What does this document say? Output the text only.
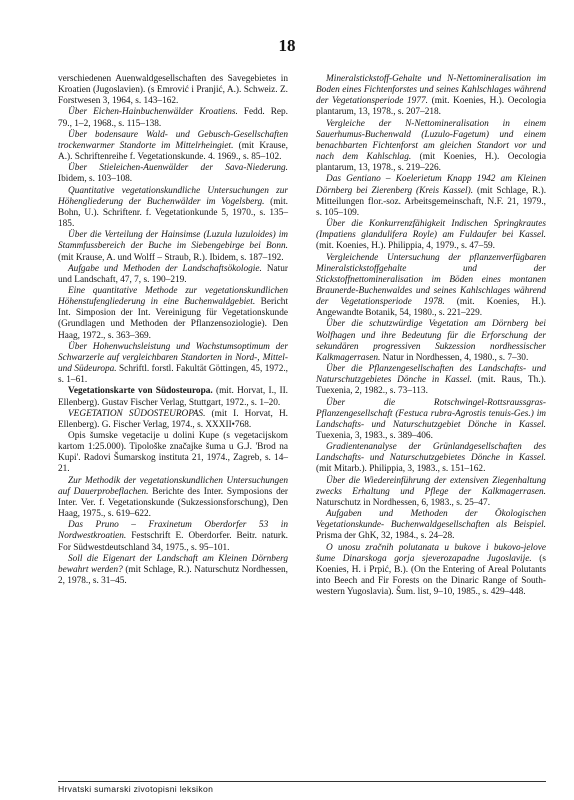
18

verschiedenen Auenwaldgesellschaften des Savegebietes in Kroatien (Jugoslavien). (s Emrović i Pranjić, A.). Schweiz. Z. Forstwesen 3, 1964, s. 143–162.

Über Eichen-Hainbuchenwälder Kroatiens. Fedd. Rep. 79., 1–2, 1968., s. 115–138.

Über bodensaure Wald- und Gebusch-Gesellschaften trockenwarmer Standorte im Mittelrheingiet. (mit Krause, A.). Schriftenreihe f. Vegetationskunde. 4. 1969., s. 85–102.

Über Stieleichen-Auenwälder der Sava-Niederung. Ibidem, s. 103–108.

Quantitative vegetationskundliche Untersuchungen zur Höhengliederung der Buchenwälder im Vogelsberg. (mit. Bohn, U.). Schriftenr. f. Vegetationkunde 5, 1970., s. 135–185.

Über die Verteilung der Hainsimse (Luzula luzuloides) im Stammfussbereich der Buche im Siebengebirge bei Bonn. (mit Krause, A. und Wolff – Straub, R.). Ibidem, s. 187–192.

Aufgabe und Methoden der Landschaftsökologie. Natur und Landschaft, 47, 7, s. 190–219.

Eine quantitative Methode zur vegetationskundlichen Höhenstufengliederung in eine Buchenwaldgebiet. Bericht Int. Simposion der Int. Vereinigung für Vegetationskunde (Grundlagen und Methoden der Pflanzensoziologie). Den Haag, 1972., s. 363–369.

Über Hohenwuchsleistung und Wachstumsoptimum der Schwarzerle auf vergleichbaren Standorten in Nord-, Mittel- und Südeuropa. Schriftl. forstl. Fakultät Göttingen, 45, 1972., s. 1–61.

Vegetationskarte von Südosteuropa. (mit. Horvat, I., II. Ellenberg). Gustav Fischer Verlag, Stuttgart, 1972., s. 1–20.

VEGETATION SÜDOSTEUROPAS. (mit I. Horvat, H. Ellenberg). G. Fischer Verlag, 1974., s. XXXII•768.

Opis šumske vegetacije u dolini Kupe (s vegetacijskom kartom 1:25.000). Tipološke značajke šuma u G.J. 'Brod na Kupi'. Radovi Šumarskog instituta 21, 1974., Zagreb, s. 14–21.

Zur Methodik der vegetationskundlichen Untersuchungen auf Dauerprobeflachen. Berichte des Inter. Symposions der Inter. Ver. f. Vegetationskunde (Sukzessionsforschung), Den Haag, 1975., s. 619–622.

Das Pruno – Fraxinetum Oberdorfer 53 in Nordwestkroatien. Festschrift E. Oberdorfer. Beitr. naturk. For Südwestdeutschland 34, 1975., s. 95–101.

Soll die Eigenart der Landschaft am Kleinen Dörnberg bewahrt werden? (mit Schlage, R.). Naturschutz Nordhessen, 2, 1978., s. 31–45.

Mineralstickstoff-Gehalte und N-Nettomineralisation im Boden eines Fichtenforstes und seines Kahlschlages während der Vegetationsperiode 1977. (mit. Koenies, H.). Oecologia plantarum, 13, 1978., s. 207–218.

Vergleiche der N-Nettomineralisation in einem Sauerhumus-Buchenwald (Luzulo-Fagetum) und einem benachbarten Fichtenforst am gleichen Standort vor und nach dem Kahlschlag. (mit Koenies, H.). Oecologia plantarum, 13, 1978., s. 219–226.

Das Gentiano – Koelerietum Knapp 1942 am Kleinen Dörnberg bei Zierenberg (Kreis Kassel). (mit Schlage, R.). Mitteilungen flor.-soz. Arbeitsgemeinschaft, N.F. 21, 1979., s. 105–109.

Über die Konkurrenzfähigkeit Indischen Springkrautes (Impatiens glandulifera Royle) am Fuldaufer bei Kassel. (mit. Koenies, H.). Philippia, 4, 1979., s. 47–59.

Vergleichende Untersuchung der pflanzenverfügbaren Mineralstickstoffgehalte und der Stickstoffnettomineralisation im Böden eines montanen Braunerde-Buchenwaldes und seines Kahlschlages während der Vegetationsperiode 1978. (mit. Koenies, H.). Angewandte Botanik, 54, 1980., s. 221–229.

Über die schutzwürdige Vegetation am Dörnberg bei Wolfhagen und ihre Bedeutung für die Erforschung der sekundären progressiven Sukzession nordhessischer Kalkmagerrasen. Natur in Nordhessen, 4, 1980., s. 7–30.

Über die Pflanzengesellschaften des Landschafts- und Naturschutzgebietes Dönche in Kassel. (mit. Raus, Th.). Tuexenia, 2, 1982., s. 73–113.

Über die Rotschwingel-Rottsraussgras-Pflanzengesellschaft (Festuca rubra-Agrostis tenuis-Ges.) im Landschafts- und Naturschutzgebiet Dönche in Kassel. Tuexenia, 3, 1983., s. 389–406.

Gradientenanalyse der Grünlandgesellschaften des Landschafts- und Naturschutzgebietes Dönche in Kassel. (mit Mitarb.). Philippia, 3, 1983., s. 151–162.

Über die Wiedereinführung der extensiven Ziegenhaltung zwecks Erhaltung und Pflege der Kalkmagerrasen. Naturschutz in Nordhessen, 6, 1983., s. 25–47.

Aufgaben und Methoden der Ökologischen Vegetationskunde- Buchenwaldgesellschaften als Beispiel. Prisma der GhK, 32, 1984., s. 24–28.

O unosu zračnih polutanata u bukove i bukovo-jelove šume Dinarskoga gorja sjeverozapadne Jugoslavije. (s Koenies, H. i Prpić, B.). (On the Entering of Areal Polutants into Beech and Fir Forests on the Dinaric Range of South-western Yugoslavia). Šum. list, 9–10, 1985., s. 429–448.

Hrvatski sumarski zivotopisni leksikon
